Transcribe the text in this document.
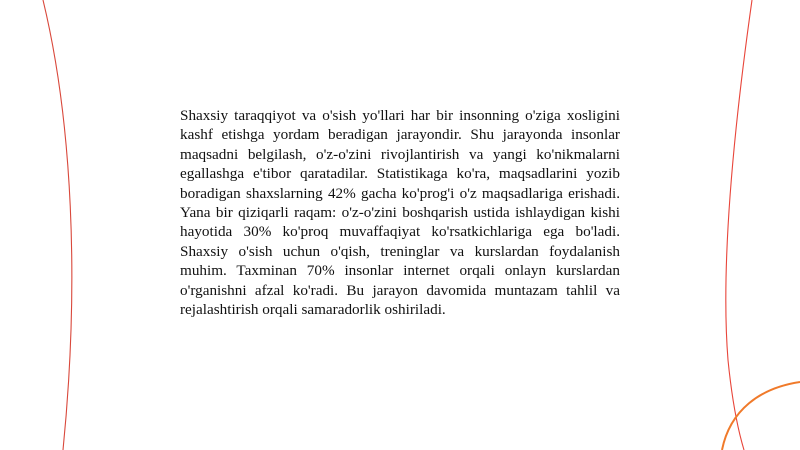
Shaxsiy taraqqiyot va o'sish yo'llari har bir insonning o'ziga xosligini kashf etishga yordam beradigan jarayondir. Shu jarayonda insonlar maqsadni belgilash, o'z-o'zini rivojlantirish va yangi ko'nikmalarni egallashga e'tibor qaratadilar. Statistikaga ko'ra, maqsadlarini yozib boradigan shaxslarning 42% gacha ko'prog'i o'z maqsadlariga erishadi. Yana bir qiziqarli raqam: o'z-o'zini boshqarish ustida ishlaydigan kishi hayotida 30% ko'proq muvaffaqiyat ko'rsatkichlariga ega bo'ladi. Shaxsiy o'sish uchun o'qish, treninglar va kurslardan foydalanish muhim. Taxminan 70% insonlar internet orqali onlayn kurslardan o'rganishni afzal ko'radi. Bu jarayon davomida muntazam tahlil va rejalashtirish orqali samaradorlik oshiriladi.
